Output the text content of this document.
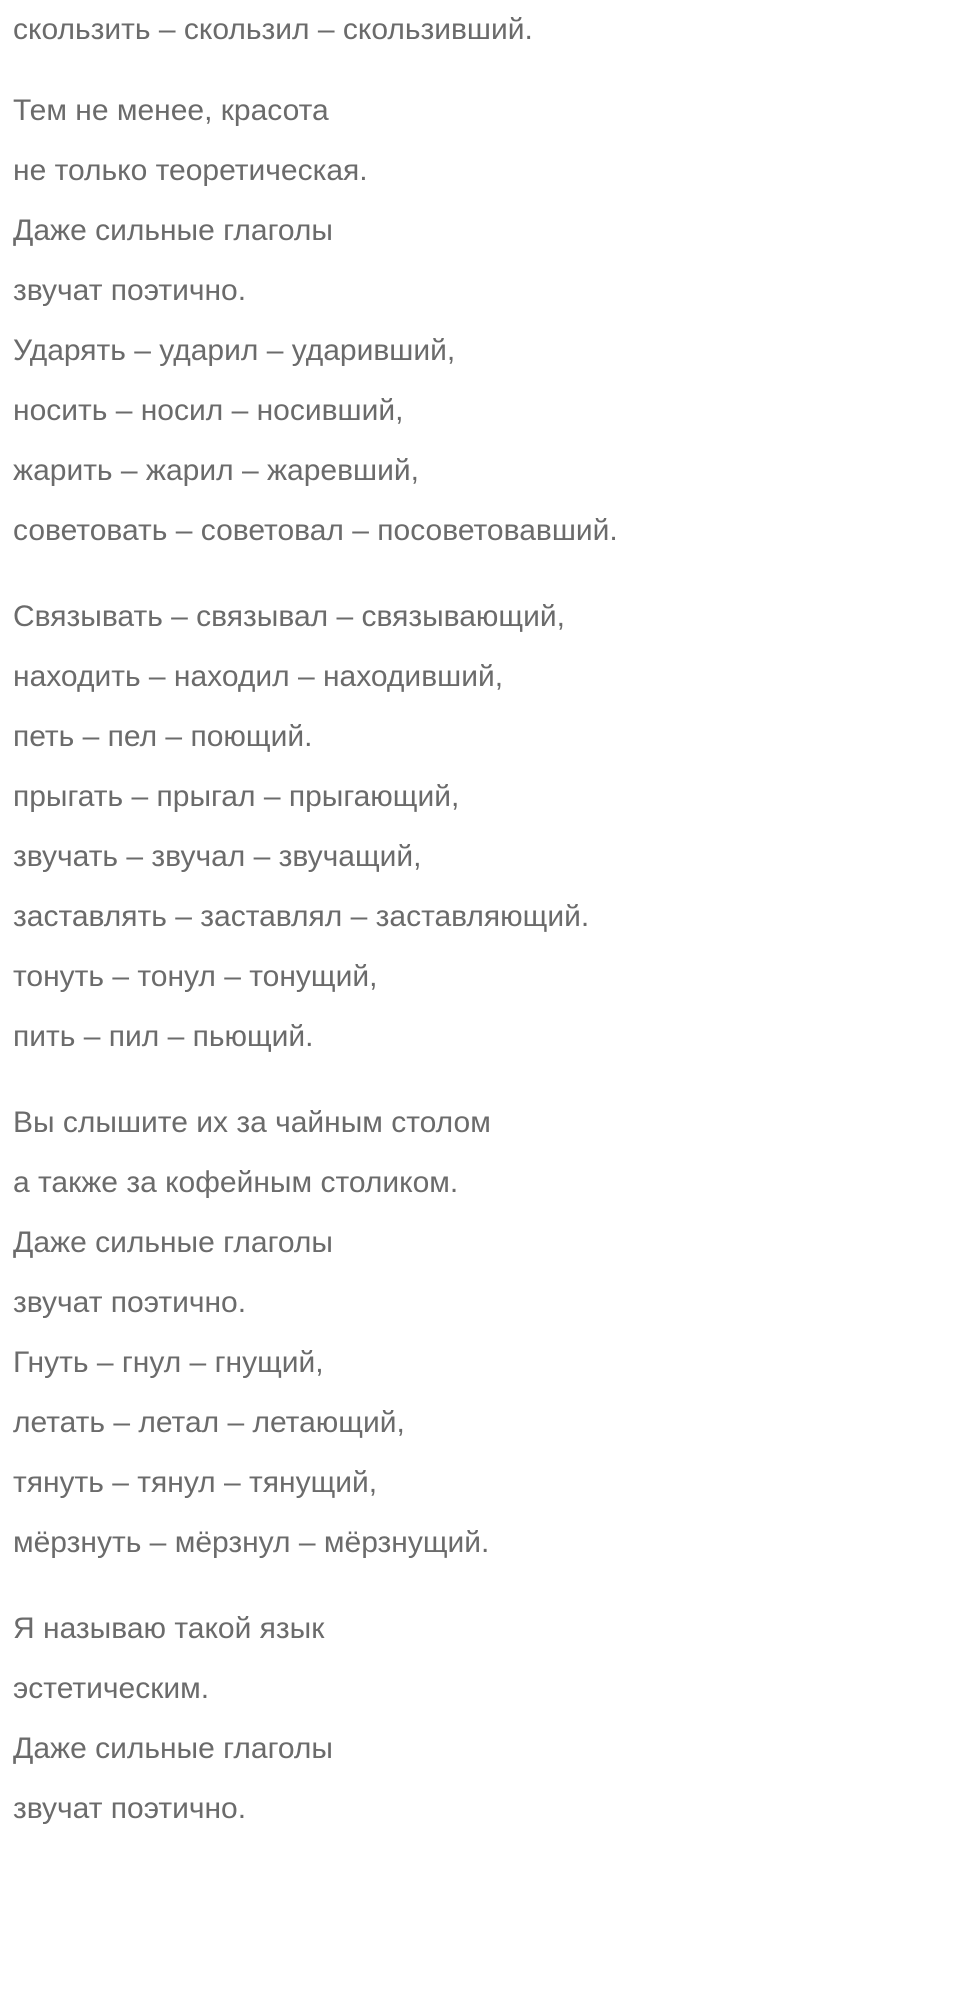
скользить – скользил – скользивший.
Тем не менее, красота
не только теоретическая.
Даже сильные глаголы
звучат поэтично.
Ударять – ударил – ударивший,
носить – носил – носивший,
жарить – жарил – жаревший,
советовать – советовал – посоветовавший.
Связывать – связывал – связывающий,
находить – находил – находивший,
петь – пел – поющий.
прыгать – прыгал – прыгающий,
звучать – звучал – звучащий,
заставлять – заставлял – заставляющий.
тонуть – тонул – тонущий,
пить – пил – пьющий.
Вы слышите их за чайным столом
а также за кофейным столиком.
Даже сильные глаголы
звучат поэтично.
Гнуть – гнул – гнущий,
летать – летал – летающий,
тянуть – тянул – тянущий,
мёрзнуть – мёрзнул – мёрзнущий.
Я называю такой язык
эстетическим.
Даже сильные глаголы
звучат поэтично.
